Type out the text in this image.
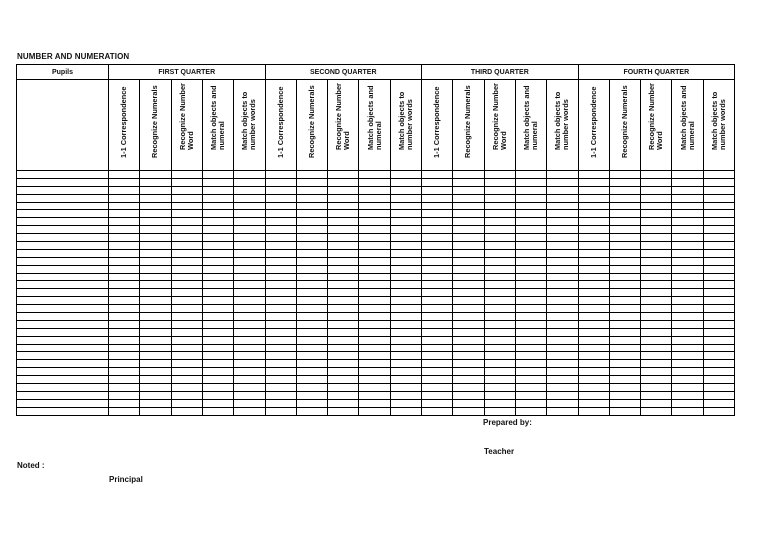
NUMBER AND NUMERATION
Pupils	FIRST QUARTER					SECOND QUARTER					THIRD QUARTER					FOURTH QUARTER				

	1-1 Correspondence	Recognize Numerals	Recognize Number Word	Match objects and numeral	Match objects to number words	1-1 Correspondence	Recognize Numerals	Recognize Number Word	Match objects and numeral	Match objects to number words	1-1 Correspondence	Recognize Numerals	Recognize Number Word	Match objects and numeral	Match objects to number words	1-1 Correspondence	Recognize Numerals	Recognize Number Word	Match objects and numeral	Match objects to number words

Prepared by:
Teacher
Noted :
Principal
